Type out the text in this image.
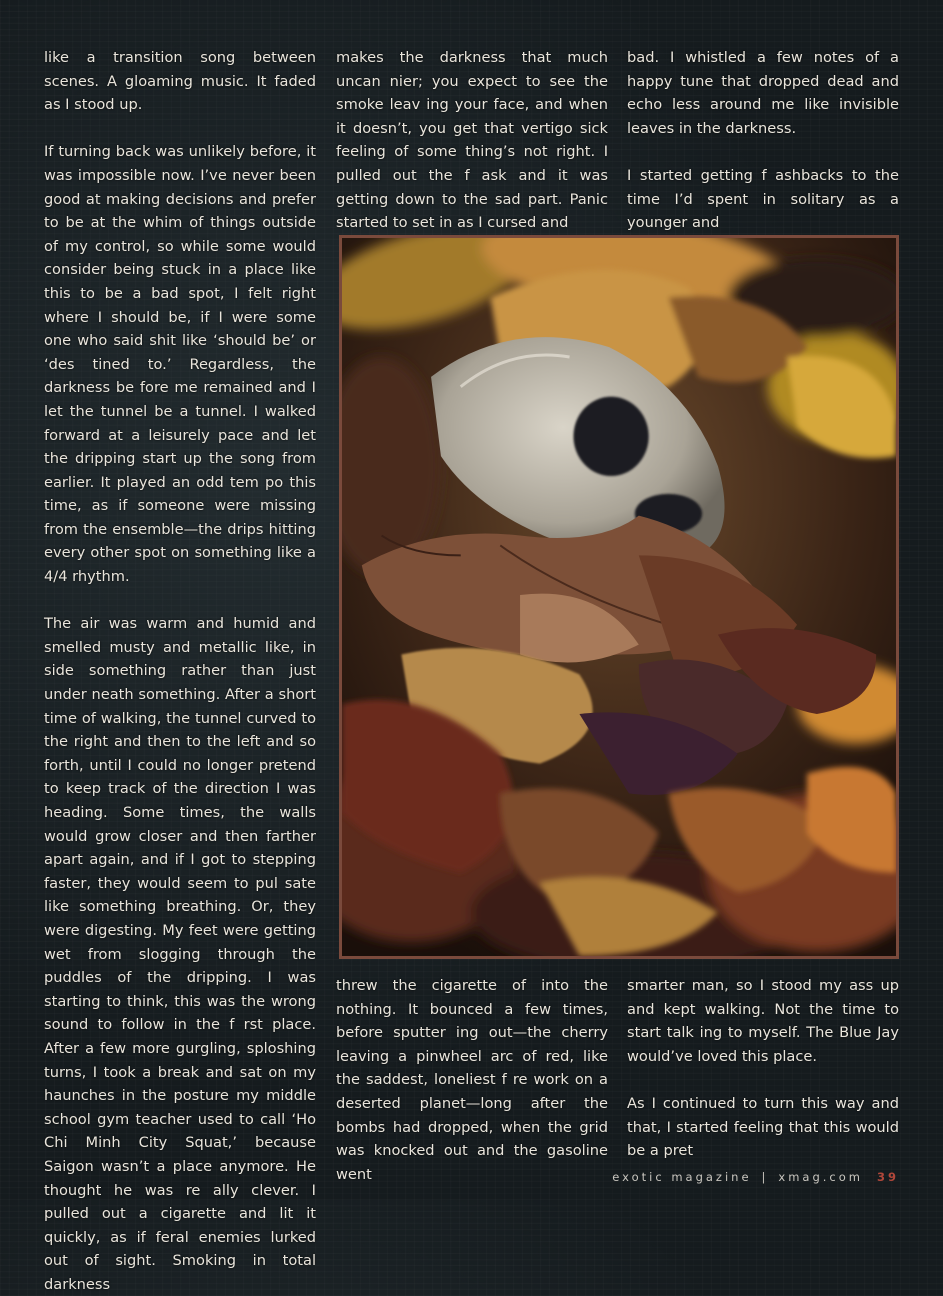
like a transition song between scenes. A gloaming music. It faded as I stood up.

If turning back was unlikely before, it was impossible now. I’ve never been good at making decisions and prefer to be at the whim of things outside of my control, so while some would consider being stuck in a place like this to be a bad spot, I felt right where I should be, if I were some one who said shit like ‘should be’ or ‘des tined to.’ Regardless, the darkness be fore me remained and I let the tunnel be a tunnel. I walked forward at a leisurely pace and let the dripping start up the song from earlier. It played an odd tem po this time, as if someone were missing from the ensemble—the drips hitting every other spot on something like a 4/4 rhythm.

The air was warm and humid and smelled musty and metallic like, in side something rather than just under neath something. After a short time of walking, the tunnel curved to the right and then to the left and so forth, until I could no longer pretend to keep track of the direction I was heading. Some times, the walls would grow closer and then farther apart again, and if I got to stepping faster, they would seem to pul sate like something breathing. Or, they were digesting. My feet were getting wet from slogging through the puddles of the dripping. I was starting to think, this was the wrong sound to follow in the f rst place. After a few more gurgling, sploshing turns, I took a break and sat on my haunches in the posture my middle school gym teacher used to call ‘Ho Chi Minh City Squat,’ because Saigon wasn’t a place anymore. He thought he was re ally clever. I pulled out a cigarette and lit it quickly, as if feral enemies lurked out of sight. Smoking in total darkness

makes the darkness that much uncan nier; you expect to see the smoke leav ing your face, and when it doesn’t, you get that vertigo sick feeling of some thing’s not right. I pulled out the f ask and it was getting down to the sad part. Panic started to set in as I cursed and

bad. I whistled a few notes of a happy tune that dropped dead and echo less around me like invisible leaves in the darkness.

I started getting f ashbacks to the time I’d spent in solitary as a younger and

threw the cigarette of into the nothing. It bounced a few times, before sputter ing out—the cherry leaving a pinwheel arc of red, like the saddest, loneliest f re work on a deserted planet—long after the bombs had dropped, when the grid was knocked out and the gasoline went

smarter man, so I stood my ass up and kept walking. Not the time to start talk ing to myself. The Blue Jay would’ve loved this place.

As I continued to turn this way and that, I started feeling that this would be a pret

exotic magazine | xmag.com 39
